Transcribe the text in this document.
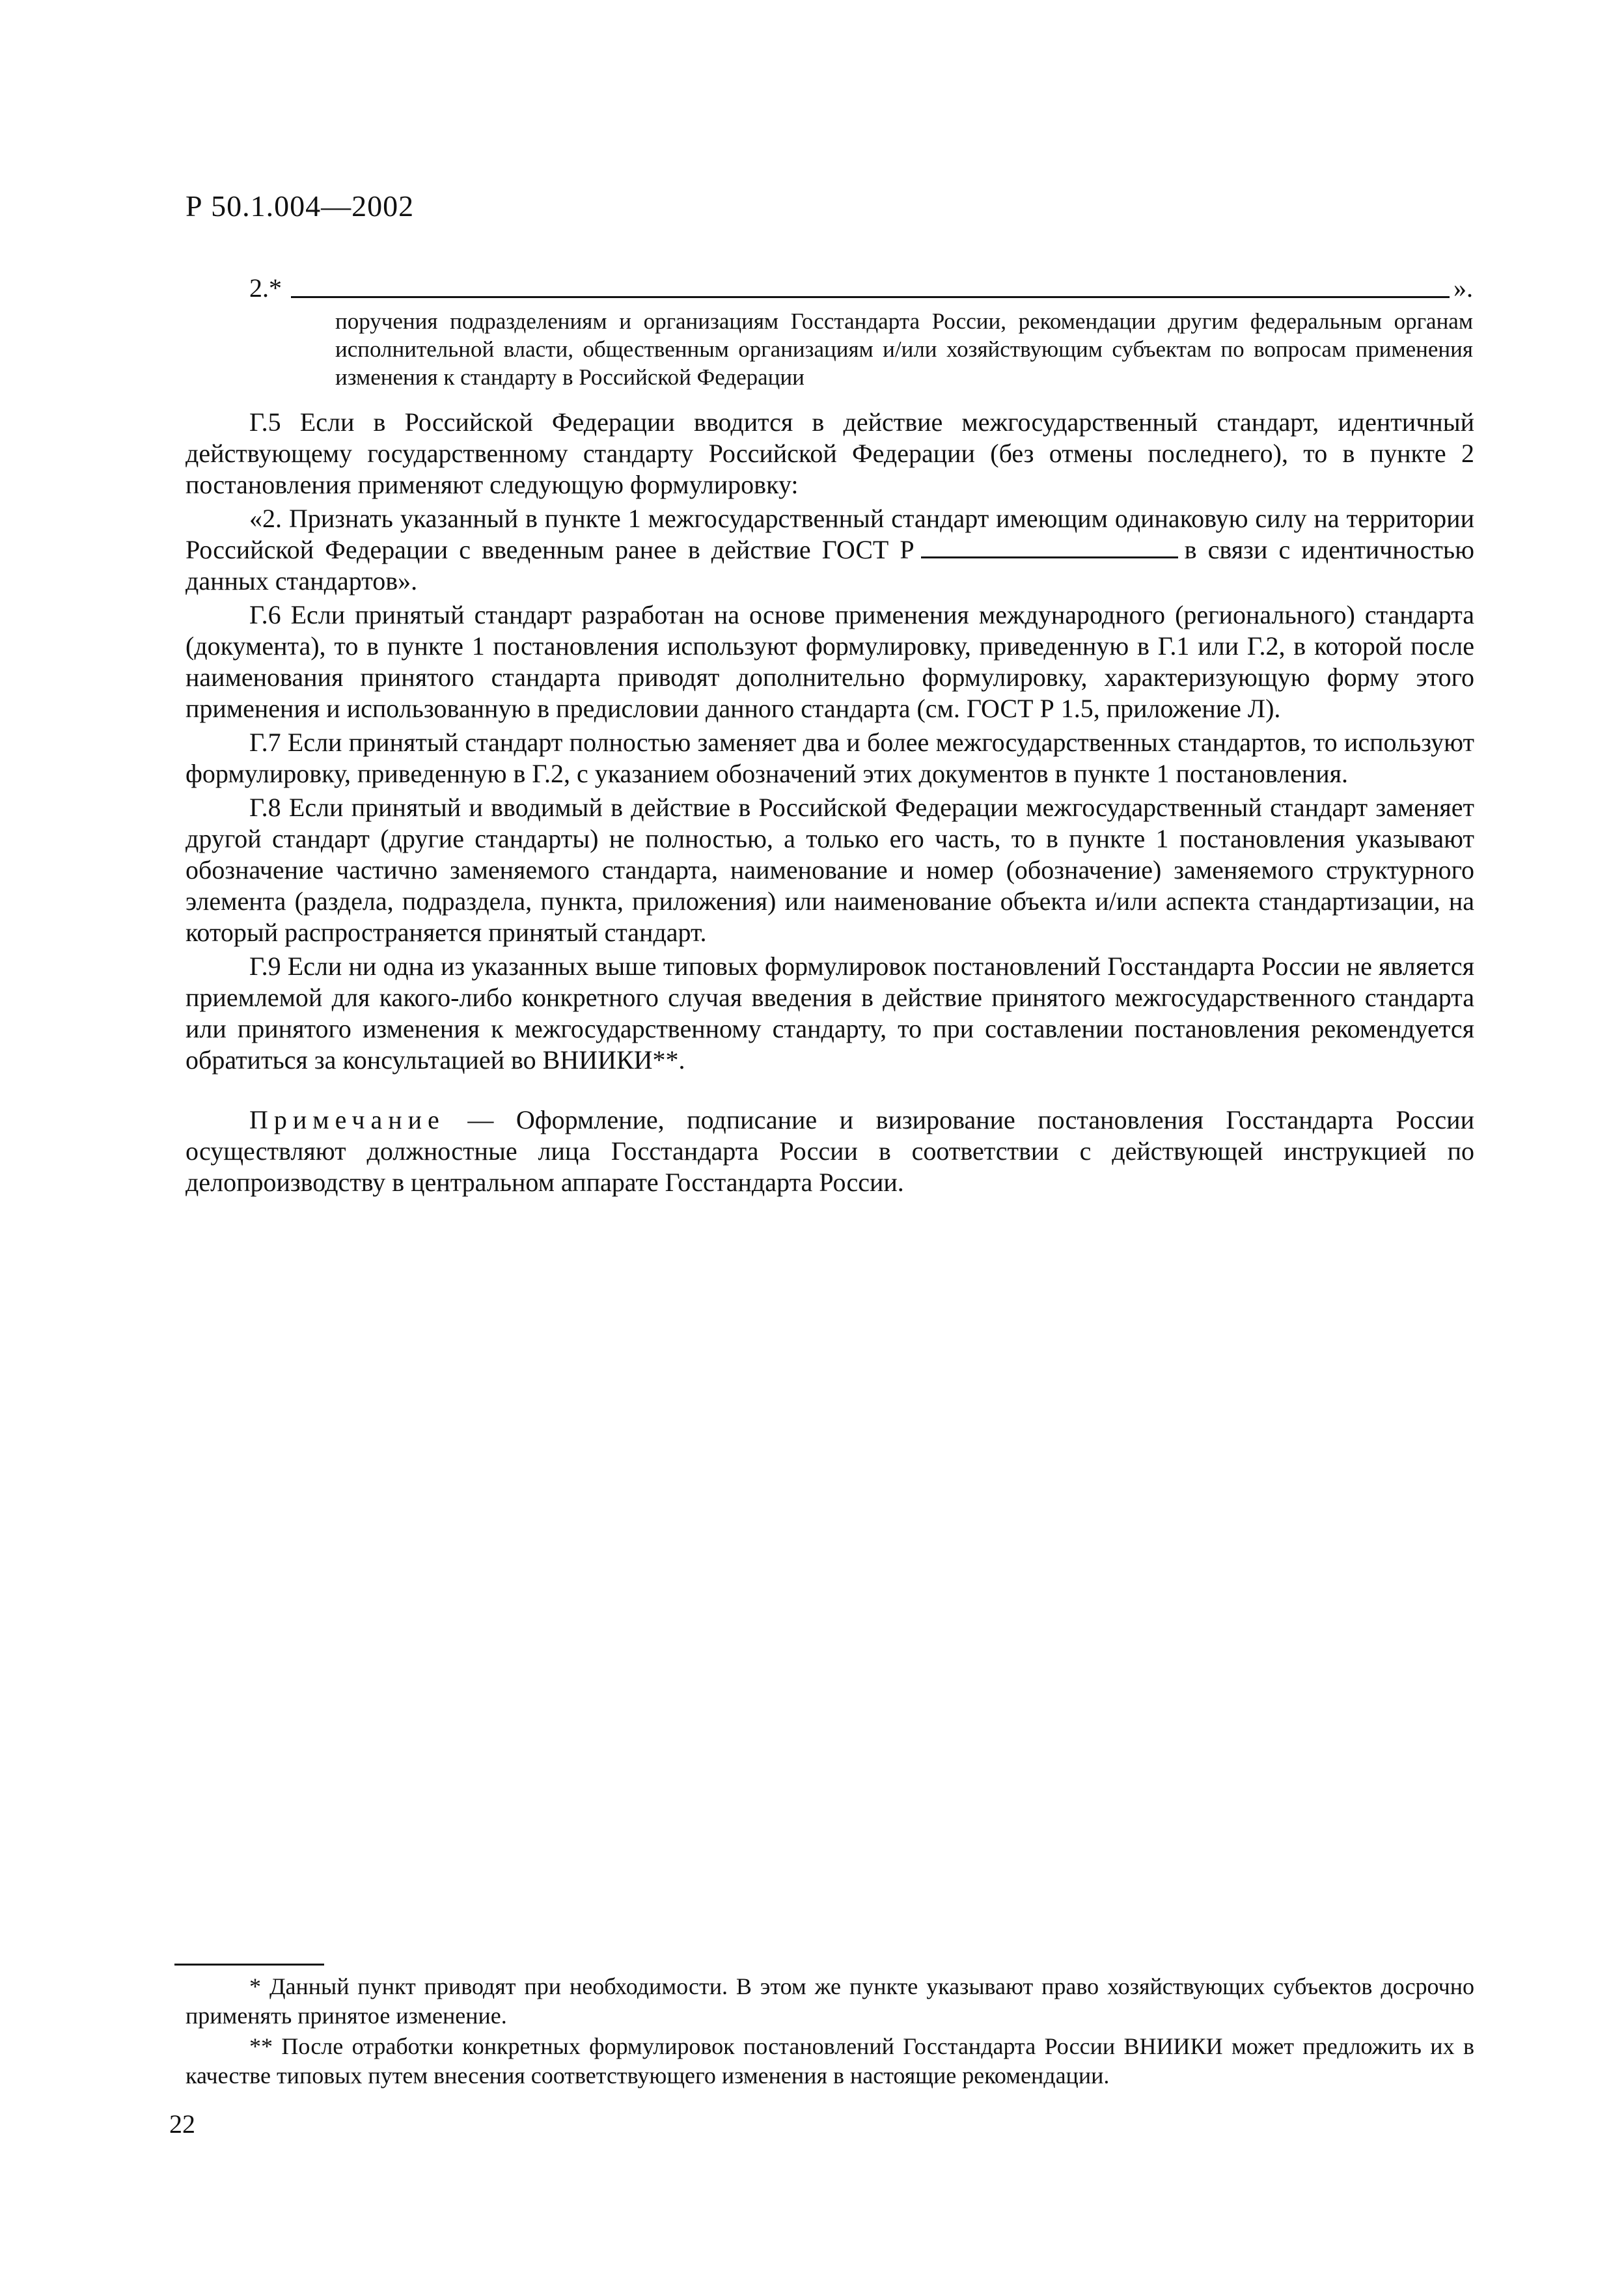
Р 50.1.004—2002
2.*	».
поручения подразделениям и организациям Госстандарта России, рекомендации другим федеральным органам исполнительной власти, общественным организациям и/или хозяйствующим субъектам по вопросам применения изменения к стандарту в Российской Федерации

Г.5 Если в Российской Федерации вводится в действие межгосударственный стандарт, идентичный действующему государственному стандарту Российской Федерации (без отмены последнего), то в пункте 2 постановления применяют следующую формулировку:

«2. Признать указанный в пункте 1 межгосударственный стандарт имеющим одинаковую силу на территории Российской Федерации с введенным ранее в действие ГОСТ Р	в связи с идентичностью данных стандартов».

Г.6 Если принятый стандарт разработан на основе применения международного (регионального) стандарта (документа), то в пункте 1 постановления используют формулировку, приведенную в Г.1 или Г.2, в которой после наименования принятого стандарта приводят дополнительно формулировку, характеризующую форму этого применения и использованную в предисловии данного стандарта (см. ГОСТ Р 1.5, приложение Л).

Г.7 Если принятый стандарт полностью заменяет два и более межгосударственных стандартов, то используют формулировку, приведенную в Г.2, с указанием обозначений этих документов в пункте 1 постановления.

Г.8 Если принятый и вводимый в действие в Российской Федерации межгосударственный стандарт заменяет другой стандарт (другие стандарты) не полностью, а только его часть, то в пункте 1 постановления указывают обозначение частично заменяемого стандарта, наименование и номер (обозначение) заменяемого структурного элемента (раздела, подраздела, пункта, приложения) или наименование объекта и/или аспекта стандартизации, на который распространяется принятый стандарт.

Г.9 Если ни одна из указанных выше типовых формулировок постановлений Госстандарта России не является приемлемой для какого-либо конкретного случая введения в действие принятого межгосударственного стандарта или принятого изменения к межгосударственному стандарту, то при составлении постановления рекомендуется обратиться за консультацией во ВНИИКИ**.

Примечание — Оформление, подписание и визирование постановления Госстандарта России осуществляют должностные лица Госстандарта России в соответствии с действующей инструкцией по делопроизводству в центральном аппарате Госстандарта России.

* Данный пункт приводят при необходимости. В этом же пункте указывают право хозяйствующих субъектов досрочно применять принятое изменение.

** После отработки конкретных формулировок постановлений Госстандарта России ВНИИКИ может предложить их в качестве типовых путем внесения соответствующего изменения в настоящие рекомендации.

22
